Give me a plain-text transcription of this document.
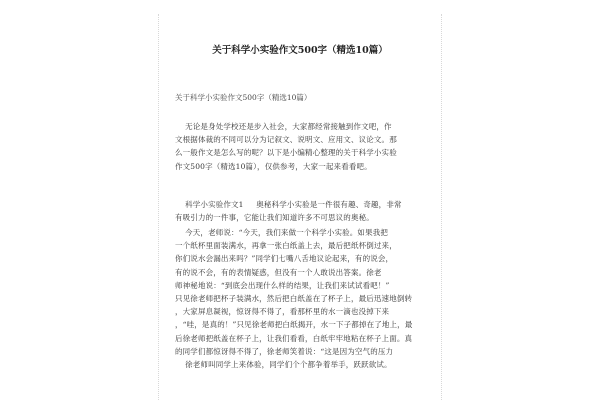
关于科学小实验作文500字（精选10篇）
关于科学小实验作文500字（精选10篇）
无论是身处学校还是步入社会，大家都经常接触到作文吧，作
文根据体裁的不同可以分为记叙文、说明文、应用文、议论文。那
么一般作文是怎么写的呢？以下是小编精心整理的关于科学小实验
作文500字（精选10篇），仅供参考，大家一起来看看吧。
科学小实验作文1     奥秘科学小实验是一件很有趣、奇趣，非常
有吸引力的一件事，它能让我们知道许多不可思议的奥秘。
今天，老师说：“今天，我们来做一个科学小实验。如果我把
一个纸杯里面装满水，再拿一张白纸盖上去，最后把纸杯倒过来，
你们说水会漏出来吗？”同学们七嘴八舌地议论起来，有的说会，
有的说不会，有的表情疑惑，但没有一个人敢说出答案。徐老
师神秘地说：“到底会出现什么样的结果，让我们来试试看吧！”
只见徐老师把杯子装满水，然后把白纸盖在了杯子上，最后迅速地倒转
，大家屏息凝视，惊讶得不得了，看那杯里的水一滴也没掉下来
，“哇，是真的！”只见徐老师把白纸揭开，水一下子都掉在了地上，最
后徐老师把纸盖在杯子上，让我们看看，白纸牢牢地粘在杯子上面。真
的同学们都惊讶得不得了，徐老师笑着说：“这是因为空气的压力
徐老师叫同学上来体验，同学们个个都争着举手，跃跃欲试。
